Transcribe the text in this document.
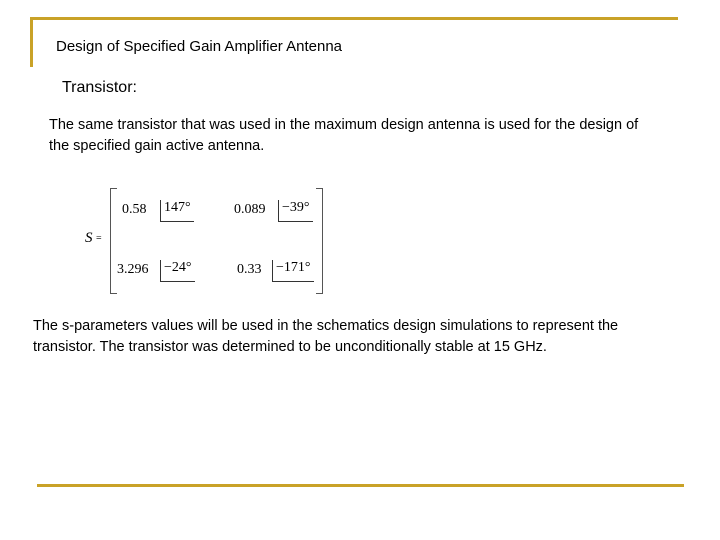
Design of Specified Gain Amplifier Antenna
Transistor:
The same transistor that was used in the maximum design antenna is used for the design of the specified gain active antenna.
S =
0.58 147°	0.089 −39°
3.296 −24°	0.33 −171°
The s-parameters values will be used in the schematics design simulations to represent the transistor. The transistor was determined to be unconditionally stable at 15 GHz.
